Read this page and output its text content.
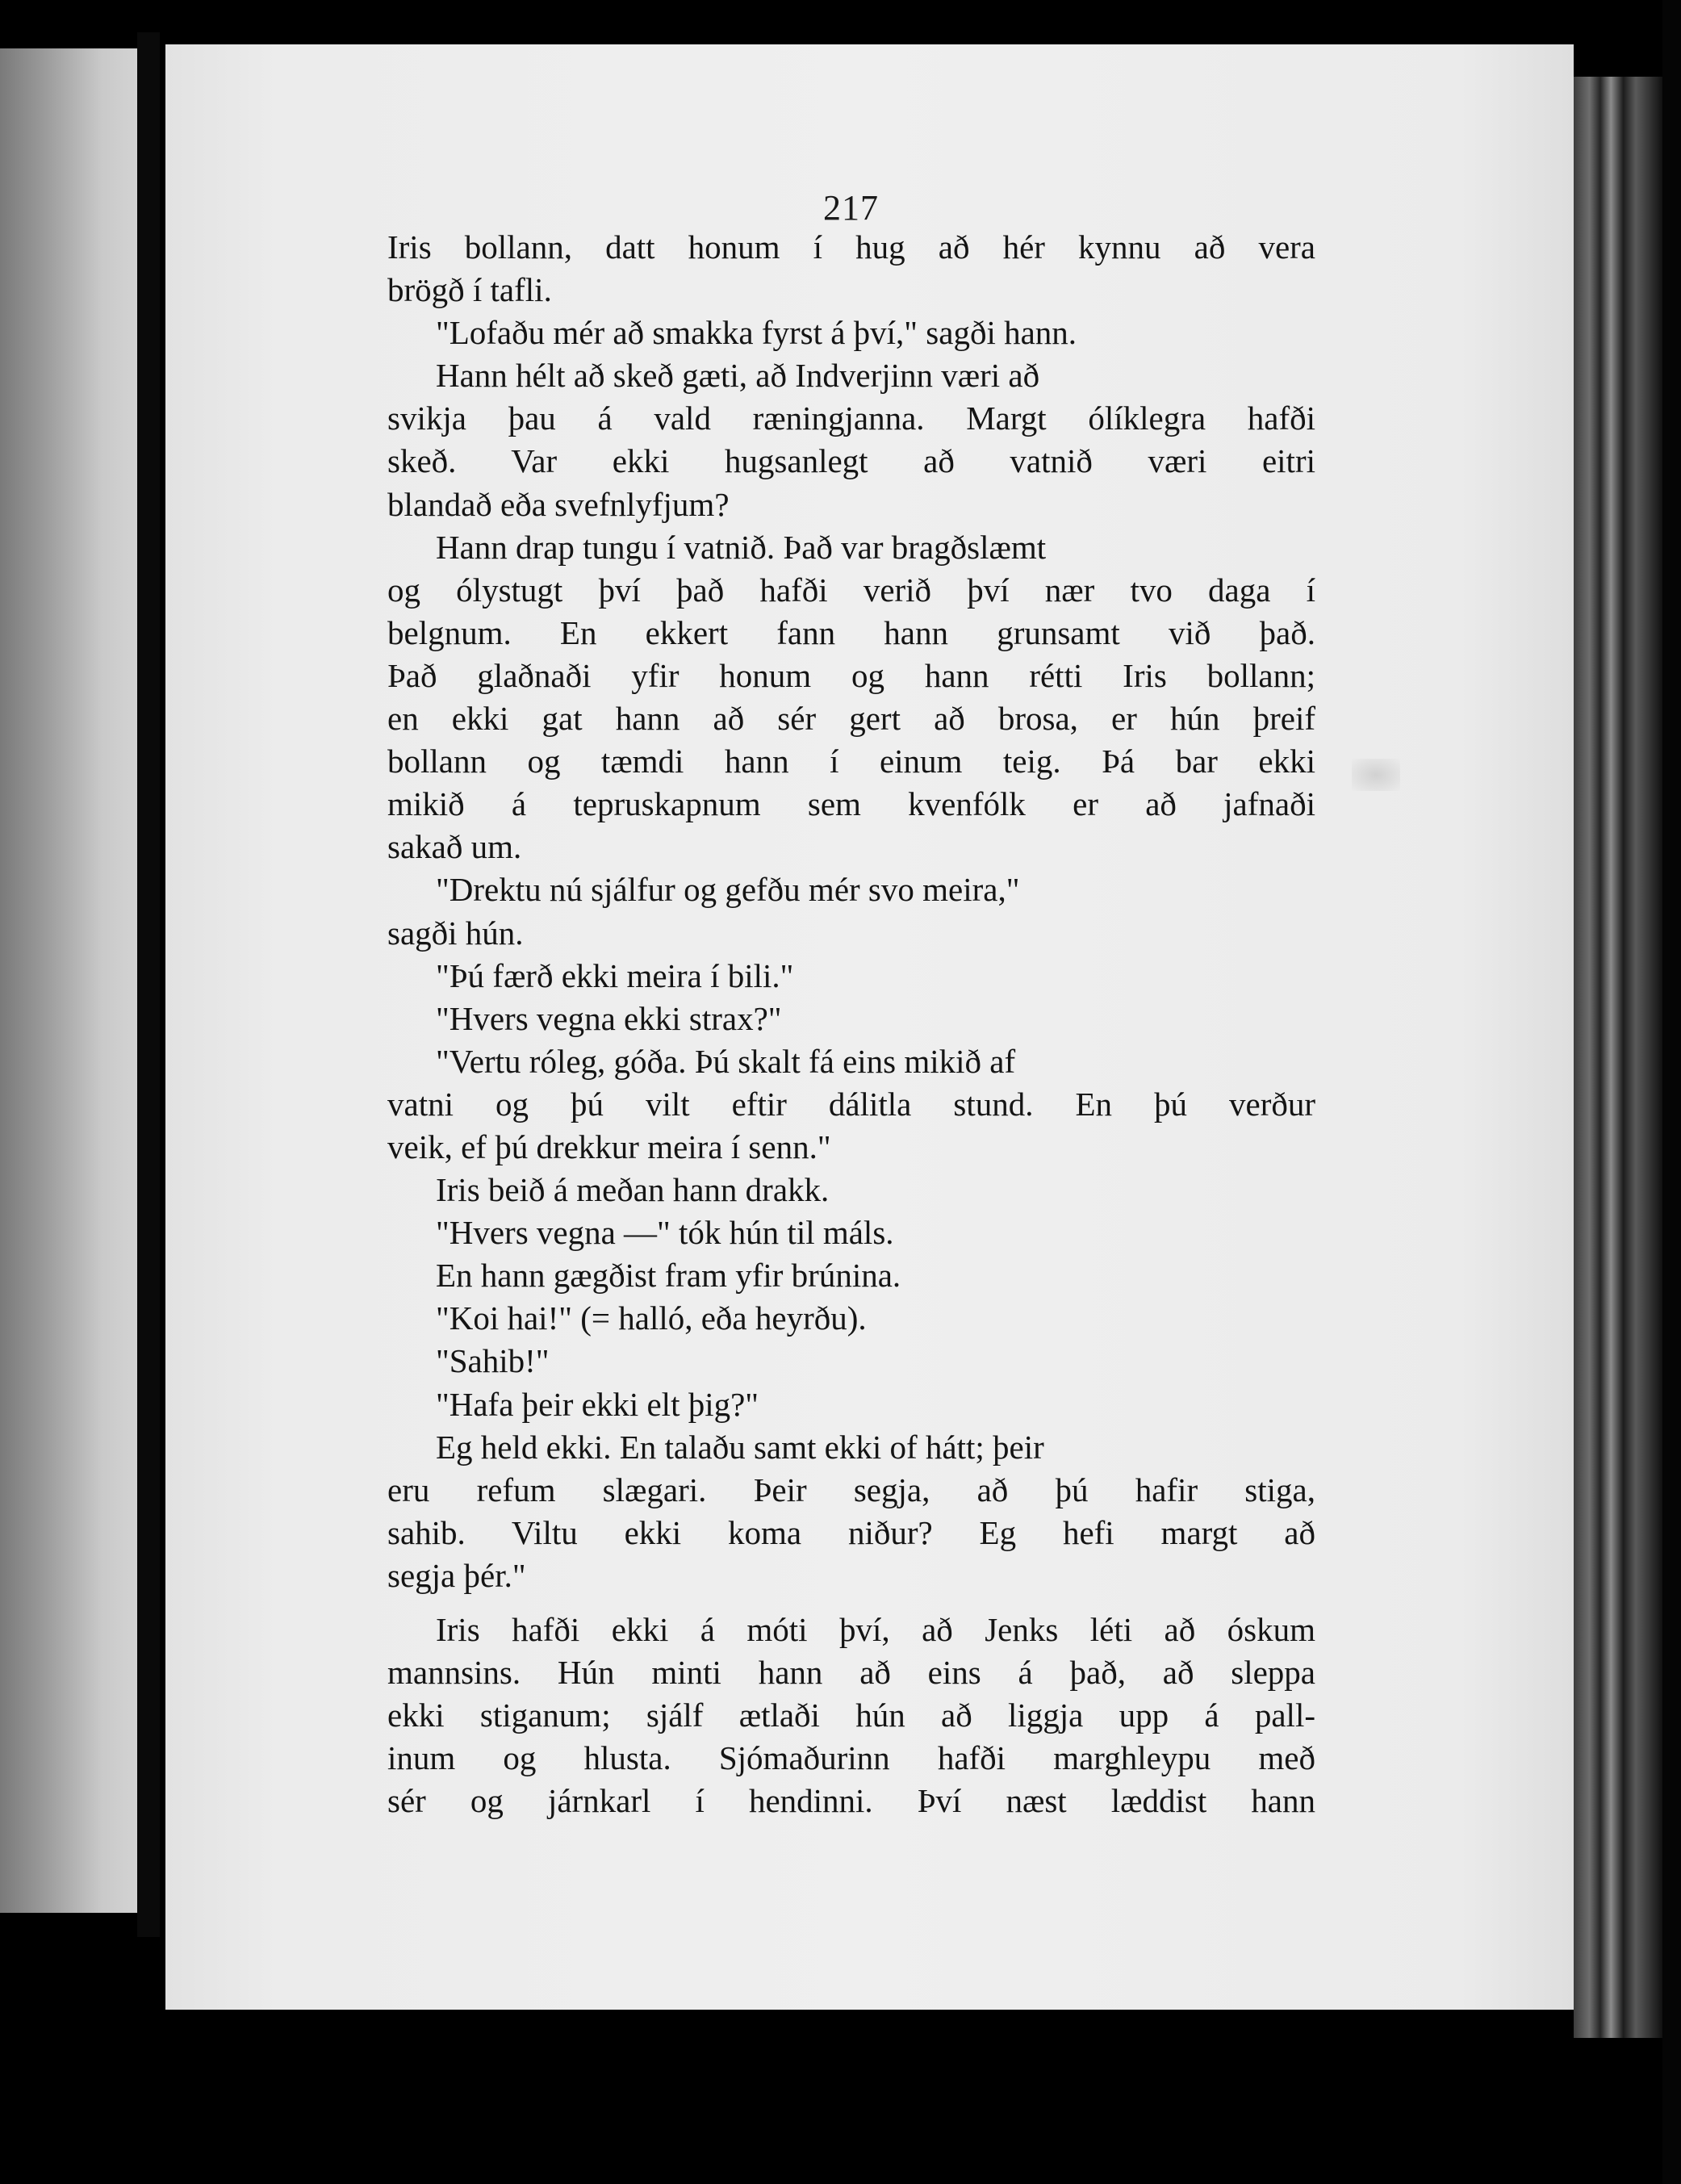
217
Iris bollann, datt honum í hug að hér kynnu að vera
brögð í tafli.
"Lofaðu mér að smakka fyrst á því," sagði hann.
Hann hélt að skeð gæti, að Indverjinn væri að
svikja þau á vald ræningjanna. Margt ólíklegra hafði
skeð. Var ekki hugsanlegt að vatnið væri eitri
blandað eða svefnlyfjum?
Hann drap tungu í vatnið. Það var bragðslæmt
og ólystugt því það hafði verið því nær tvo daga í
belgnum. En ekkert fann hann grunsamt við það.
Það glaðnaði yfir honum og hann rétti Iris bollann;
en ekki gat hann að sér gert að brosa, er hún þreif
bollann og tæmdi hann í einum teig. Þá bar ekki
mikið á tepruskapnum sem kvenfólk er að jafnaði
sakað um.
"Drektu nú sjálfur og gefðu mér svo meira,"
sagði hún.
"Þú færð ekki meira í bili."
"Hvers vegna ekki strax?"
"Vertu róleg, góða. Þú skalt fá eins mikið af
vatni og þú vilt eftir dálitla stund. En þú verður
veik, ef þú drekkur meira í senn."
Iris beið á meðan hann drakk.
"Hvers vegna —" tók hún til máls.
En hann gægðist fram yfir brúnina.
"Koi hai!" (= halló, eða heyrðu).
"Sahib!"
"Hafa þeir ekki elt þig?"
Eg held ekki. En talaðu samt ekki of hátt; þeir
eru refum slægari. Þeir segja, að þú hafir stiga,
sahib. Viltu ekki koma niður? Eg hefi margt að
segja þér."
Iris hafði ekki á móti því, að Jenks léti að óskum
mannsins. Hún minti hann að eins á það, að sleppa
ekki stiganum; sjálf ætlaði hún að liggja upp á pall-
inum og hlusta. Sjómaðurinn hafði marghleypu með
sér og járnkarl í hendinni. Því næst læddist hann
